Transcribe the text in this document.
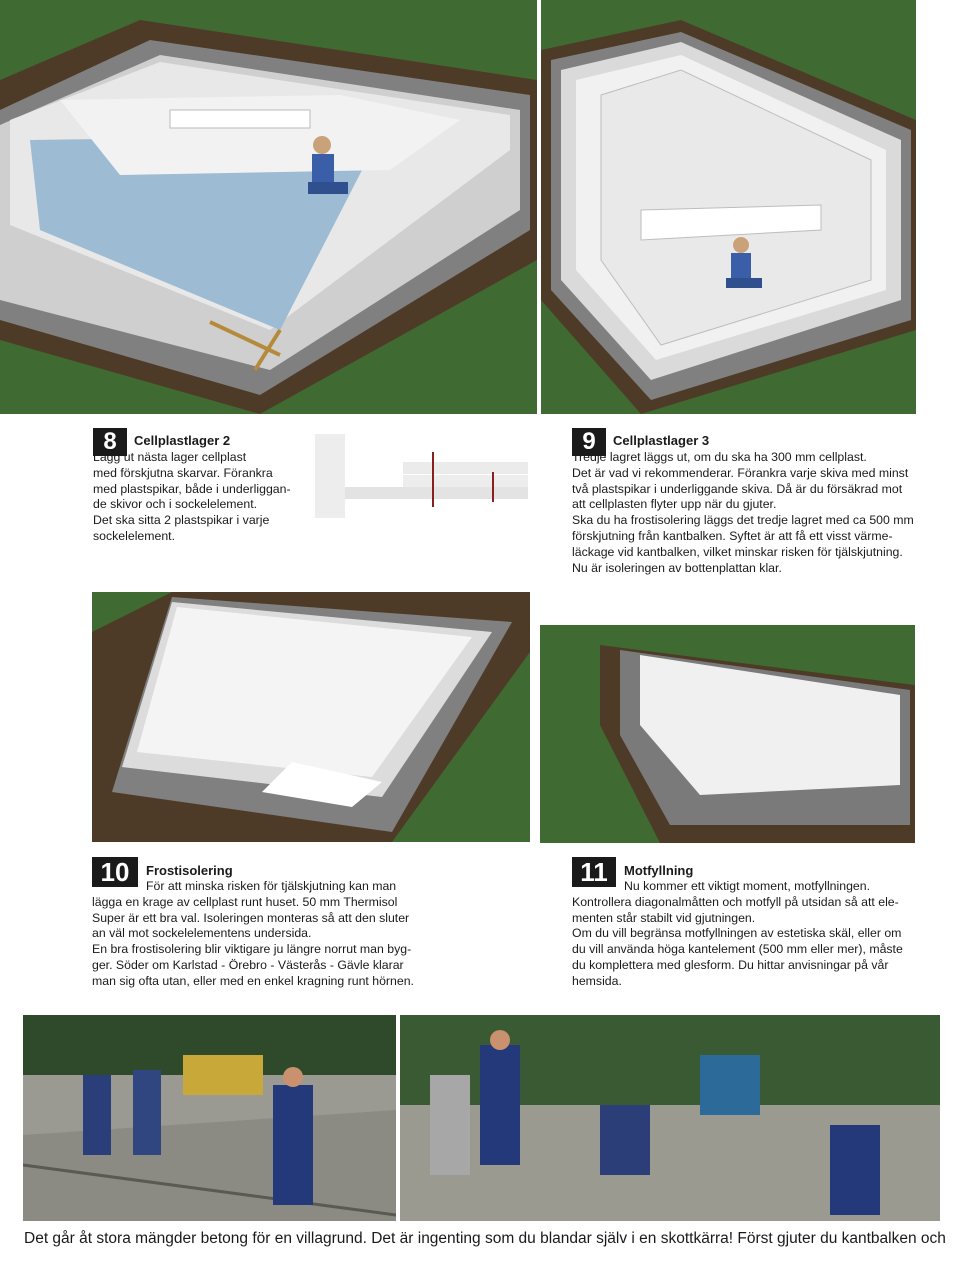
8	Cellplastlager 2
Lägg ut nästa lager cellplast
med förskjutna skarvar. Förankra
med plastspikar, både i underliggan-
de skivor och i sockelelement.
Det ska sitta 2 plastspikar i varje
sockelelement.
9	Cellplastlager 3
Tredje lagret läggs ut, om du ska ha 300 mm cellplast.
Det är vad vi rekommenderar. Förankra varje skiva med minst
två plastspikar i underliggande skiva. Då är du försäkrad mot
att cellplasten flyter upp när du gjuter.
Ska du ha frostisolering läggs det tredje lagret med ca 500 mm
förskjutning från kantbalken. Syftet är att få ett visst värme-
läckage vid kantbalken, vilket minskar risken för tjälskjutning.
Nu är isoleringen av bottenplattan klar.
10	Frostisolering
För att minska risken för tjälskjutning kan man
lägga en krage av cellplast runt huset. 50 mm Thermisol
Super är ett bra val. Isoleringen monteras så att den sluter
an väl mot sockelelementens undersida.
En bra frostisolering blir viktigare ju längre norrut man byg-
ger. Söder om Karlstad - Örebro - Västerås - Gävle klarar
man sig ofta utan, eller med en enkel kragning runt hörnen.
11	Motfyllning
Nu kommer ett viktigt moment, motfyllningen.
Kontrollera diagonalmåtten och motfyll på utsidan så att ele-
menten står stabilt vid gjutningen.
Om du vill begränsa motfyllningen av estetiska skäl, eller om
du vill använda höga kantelement (500 mm eller mer), måste
du komplettera med glesform. Du hittar anvisningar på vår
hemsida.
Det går åt stora mängder betong för en villagrund. Det är ingenting som du blandar själv i en skottkärra! Först gjuter du kantbalken och
